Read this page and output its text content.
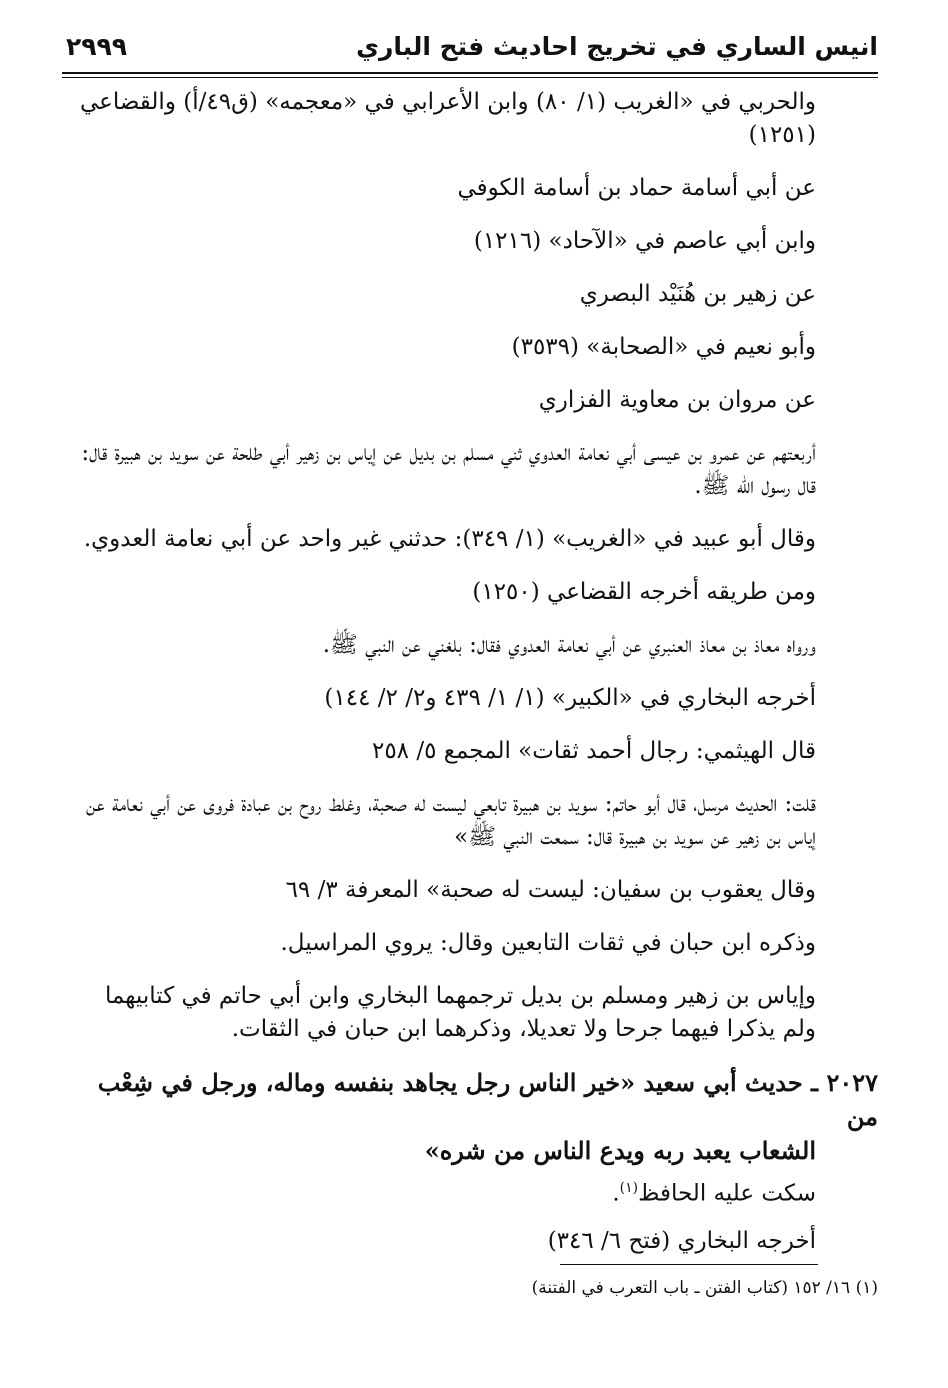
انيس الساري في تخريج احاديث فتح الباري
٢٩٩٩
والحربي في «الغريب (١/ ٨٠) وابن الأعرابي في «معجمه» (ق٤٩/أ) والقضاعي (١٢٥١)
عن أبي أسامة حماد بن أسامة الكوفي
وابن أبي عاصم في «الآحاد» (١٢١٦)
عن زهير بن هُنَيْد البصري
وأبو نعيم في «الصحابة» (٣٥٣٩)
عن مروان بن معاوية الفزاري
أربعتهم عن عمرو بن عيسى أبي نعامة العدوي ثني مسلم بن بديل عن إياس بن زهير أبي طلحة عن سويد بن هبيرة قال: قال رسول الله ﷺ.
وقال أبو عبيد في «الغريب» (١/ ٣٤٩): حدثني غير واحد عن أبي نعامة العدوي.
ومن طريقه أخرجه القضاعي (١٢٥٠)
ورواه معاذ بن معاذ العنبري عن أبي نعامة العدوي فقال: بلغني عن النبي ﷺ.
أخرجه البخاري في «الكبير» (١/ ١/ ٤٣٩ و٢/ ٢/ ١٤٤)
قال الهيثمي: رجال أحمد ثقات» المجمع ٥/ ٢٥٨
قلت: الحديث مرسل، قال أبو حاتم: سويد بن هبيرة تابعي ليست له صحبة، وغلط روح بن عبادة فروى عن أبي نعامة عن إياس بن زهير عن سويد بن هبيرة قال: سمعت النبي ﷺ»
وقال يعقوب بن سفيان: ليست له صحبة» المعرفة ٣/ ٦٩
وذكره ابن حبان في ثقات التابعين وقال: يروي المراسيل.
وإياس بن زهير ومسلم بن بديل ترجمهما البخاري وابن أبي حاتم في كتابيهما ولم يذكرا فيهما جرحا ولا تعديلا، وذكرهما ابن حبان في الثقات.
٢٠٢٧ ـ حديث أبي سعيد «خير الناس رجل يجاهد بنفسه وماله، ورجل في شِعْب من
الشعاب يعبد ربه ويدع الناس من شره»
سكت عليه الحافظ$^{(١)}$.
أخرجه البخاري (فتح ٦/ ٣٤٦)
(١) ١٦/ ١٥٢ (كتاب الفتن ـ باب التعرب في الفتنة)
